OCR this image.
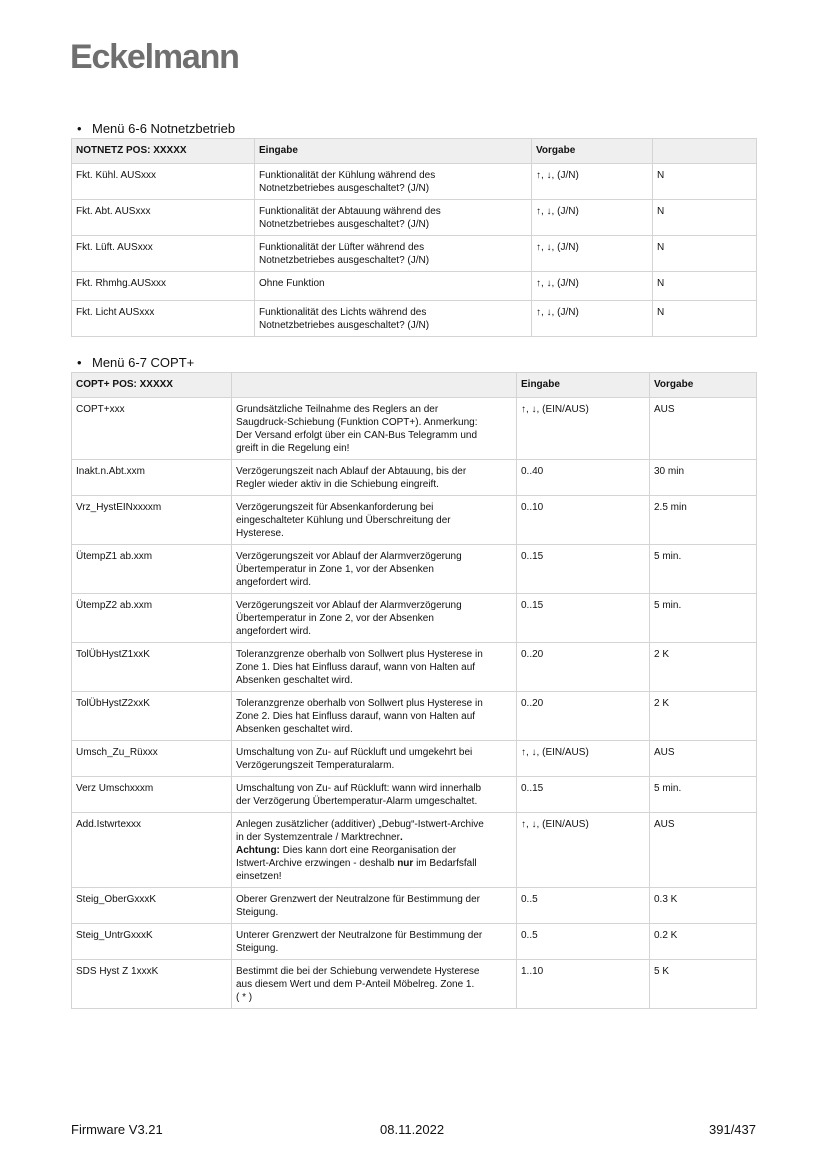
Eckelmann
• Menü 6-6 Notnetzbetrieb
NOTNETZ POS: XXXXX	Eingabe	Vorgabe	
Fkt. Kühl. AUSxxx	Funktionalität der Kühlung während des
Notnetzbetriebes ausgeschaltet? (J/N)	↑, ↓, (J/N)	N
Fkt. Abt. AUSxxx	Funktionalität der Abtauung während des
Notnetzbetriebes ausgeschaltet? (J/N)	↑, ↓, (J/N)	N
Fkt. Lüft. AUSxxx	Funktionalität der Lüfter während des
Notnetzbetriebes ausgeschaltet? (J/N)	↑, ↓, (J/N)	N
Fkt. Rhmhg.AUSxxx	Ohne Funktion	↑, ↓, (J/N)	N
Fkt. Licht AUSxxx	Funktionalität des Lichts während des
Notnetzbetriebes ausgeschaltet? (J/N)	↑, ↓, (J/N)	N
• Menü 6-7 COPT+
COPT+ POS: XXXXX		Eingabe	Vorgabe
COPT+xxx	Grundsätzliche Teilnahme des Reglers an der
Saugdruck-Schiebung (Funktion COPT+). Anmerkung:
Der Versand erfolgt über ein CAN-Bus Telegramm und
greift in die Regelung ein!	↑, ↓, (EIN/AUS)	AUS
Inakt.n.Abt.xxm	Verzögerungszeit nach Ablauf der Abtauung, bis der
Regler wieder aktiv in die Schiebung eingreift.	0..40	30 min
Vrz_HystEINxxxxm	Verzögerungszeit für Absenkanforderung bei
eingeschalteter Kühlung und Überschreitung der
Hysterese.	0..10	2.5 min
ÜtempZ1 ab.xxm	Verzögerungszeit vor Ablauf der Alarmverzögerung
Übertemperatur in Zone 1, vor der Absenken
angefordert wird.	0..15	5 min.
ÜtempZ2 ab.xxm	Verzögerungszeit vor Ablauf der Alarmverzögerung
Übertemperatur in Zone 2, vor der Absenken
angefordert wird.	0..15	5 min.
TolÜbHystZ1xxK	Toleranzgrenze oberhalb von Sollwert plus Hysterese in
Zone 1. Dies hat Einfluss darauf, wann von Halten auf
Absenken geschaltet wird.	0..20	2 K
TolÜbHystZ2xxK	Toleranzgrenze oberhalb von Sollwert plus Hysterese in
Zone 2. Dies hat Einfluss darauf, wann von Halten auf
Absenken geschaltet wird.	0..20	2 K
Umsch_Zu_Rüxxx	Umschaltung von Zu- auf Rückluft und umgekehrt bei
Verzögerungszeit Temperaturalarm.	↑, ↓, (EIN/AUS)	AUS
Verz Umschxxxm	Umschaltung von Zu- auf Rückluft: wann wird innerhalb
der Verzögerung Übertemperatur-Alarm umgeschaltet.	0..15	5 min.
Add.Istwrtexxx	Anlegen zusätzlicher (additiver) „Debug“-Istwert-Archive
in der Systemzentrale / Marktrechner.
Achtung: Dies kann dort eine Reorganisation der
Istwert-Archive erzwingen - deshalb nur im Bedarfsfall
einsetzen!	↑, ↓, (EIN/AUS)	AUS
Steig_OberGxxxK	Oberer Grenzwert der Neutralzone für Bestimmung der
Steigung.	0..5	0.3 K
Steig_UntrGxxxK	Unterer Grenzwert der Neutralzone für Bestimmung der
Steigung.	0..5	0.2 K
SDS Hyst Z 1xxxK	Bestimmt die bei der Schiebung verwendete Hysterese
aus diesem Wert und dem P-Anteil Möbelreg. Zone 1.
( * )	1..10	5 K
Firmware V3.21	08.11.2022	391/437
